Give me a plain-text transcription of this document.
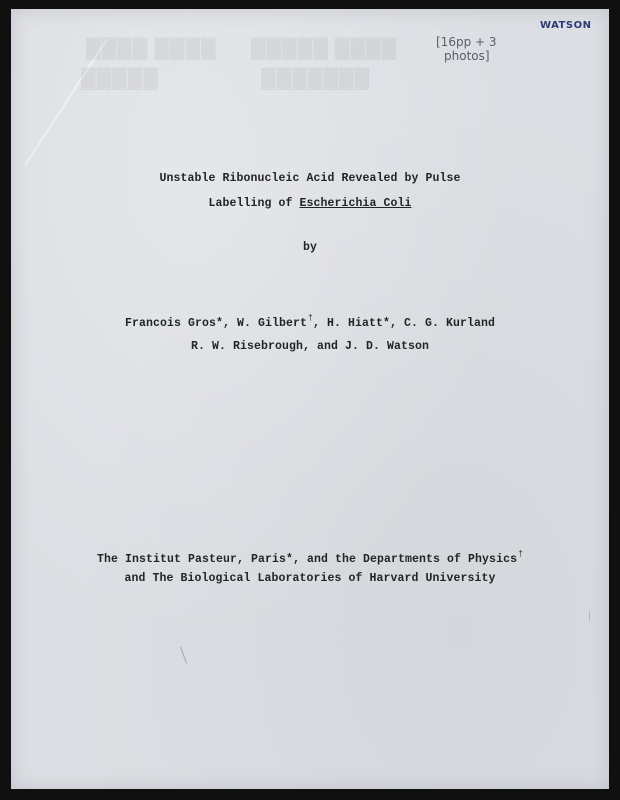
▓▓▓▓ ▓▓▓▓ ▓▓▓▓▓ ▓▓▓▓
▓▓▓▓▓	▓▓▓▓▓▓▓
[16pp + 3
photos]
WATSON
Unstable Ribonucleic Acid Revealed by Pulse
Labelling of Escherichia Coli
by
Francois Gros*, W. Gilbert†, H. Hiatt*, C. G. Kurland
R. W. Risebrough, and J. D. Watson
The Institut Pasteur, Paris*, and the Departments of Physics†
and The Biological Laboratories of Harvard University
